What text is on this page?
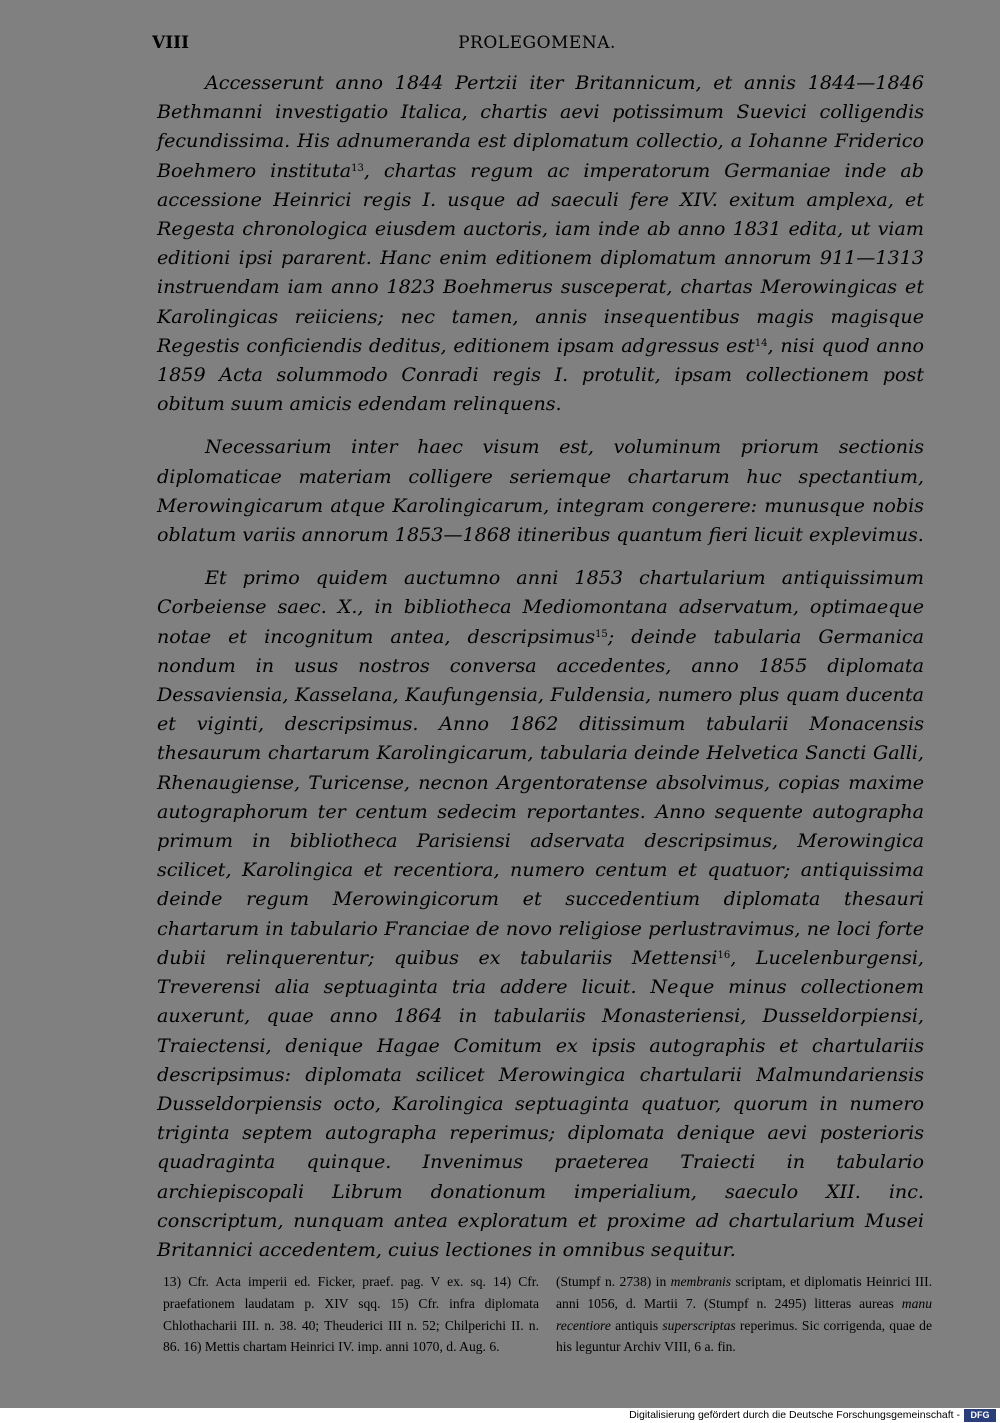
VIII	PROLEGOMENA.

Accesserunt anno 1844 Pertzii iter Britannicum, et annis 1844—1846 Bethmanni investigatio Italica, chartis aevi potissimum Suevici colligendis fecundissima. His adnumeranda est diplomatum collectio, a Iohanne Friderico Boehmero instituta$^{13}$, chartas regum ac imperatorum Germaniae inde ab accessione Heinrici regis I. usque ad saeculi fere XIV. exitum amplexa, et Regesta chronologica eiusdem auctoris, iam inde ab anno 1831 edita, ut viam editioni ipsi pararent. Hanc enim editionem diplomatum annorum 911—1313 instruendam iam anno 1823 Boehmerus susceperat, chartas Merowingicas et Karolingicas reiiciens; nec tamen, annis insequentibus magis magisque Regestis conficiendis deditus, editionem ipsam adgressus est$^{14}$, nisi quod anno 1859 Acta solummodo Conradi regis I. protulit, ipsam collectionem post obitum suum amicis edendam relinquens.

Necessarium inter haec visum est, voluminum priorum sectionis diplomaticae materiam colligere seriemque chartarum huc spectantium, Merowingicarum atque Karolingicarum, integram congerere: munusque nobis oblatum variis annorum 1853—1868 itineribus quantum fieri licuit explevimus.

Et primo quidem auctumno anni 1853 chartularium antiquissimum Corbeiense saec. X., in bibliotheca Mediomontana adservatum, optimaeque notae et incognitum antea, descripsimus$^{15}$; deinde tabularia Germanica nondum in usus nostros conversa accedentes, anno 1855 diplomata Dessaviensia, Kasselana, Kaufungensia, Fuldensia, numero plus quam ducenta et viginti, descripsimus. Anno 1862 ditissimum tabularii Monacensis thesaurum chartarum Karolingicarum, tabularia deinde Helvetica Sancti Galli, Rhenaugiense, Turicense, necnon Argentoratense absolvimus, copias maxime autographorum ter centum sedecim reportantes. Anno sequente autographa primum in bibliotheca Parisiensi adservata descripsimus, Merowingica scilicet, Karolingica et recentiora, numero centum et quatuor; antiquissima deinde regum Merowingicorum et succedentium diplomata thesauri chartarum in tabulario Franciae de novo religiose perlustravimus, ne loci forte dubii relinquerentur; quibus ex tabulariis Mettensi$^{16}$, Lucelenburgensi, Treverensi alia septuaginta tria addere licuit. Neque minus collectionem auxerunt, quae anno 1864 in tabulariis Monasteriensi, Dusseldorpiensi, Traiectensi, denique Hagae Comitum ex ipsis autographis et chartulariis descripsimus: diplomata scilicet Merowingica chartularii Malmundariensis Dusseldorpiensis octo, Karolingica septuaginta quatuor, quorum in numero triginta septem autographa reperimus; diplomata denique aevi posterioris quadraginta quinque. Invenimus praeterea Traiecti in tabulario archiepiscopali Librum donationum imperialium, saeculo XII. inc. conscriptum, nunquam antea exploratum et proxime ad chartularium Musei Britannici accedentem, cuius lectiones in omnibus sequitur.

13) Cfr. Acta imperii ed. Ficker, praef. pag. V ex. sq. 14) Cfr. praefationem laudatam p. XIV sqq. 15) Cfr. infra diplomata Chlothacharii III. n. 38. 40; Theuderici III n. 52; Chilperichi II. n. 86. 16) Mettis chartam Heinrici IV. imp. anni 1070, d. Aug. 6.
(Stumpf n. 2738) in membranis scriptam, et diplomatis Heinrici III. anni 1056, d. Martii 7. (Stumpf n. 2495) litteras aureas manu recentiore antiquis superscriptas reperimus. Sic corrigenda, quae de his leguntur Archiv VIII, 6 a. fin.
Digitalisierung gefördert durch die Deutsche Forschungsgemeinschaft -	DFG
